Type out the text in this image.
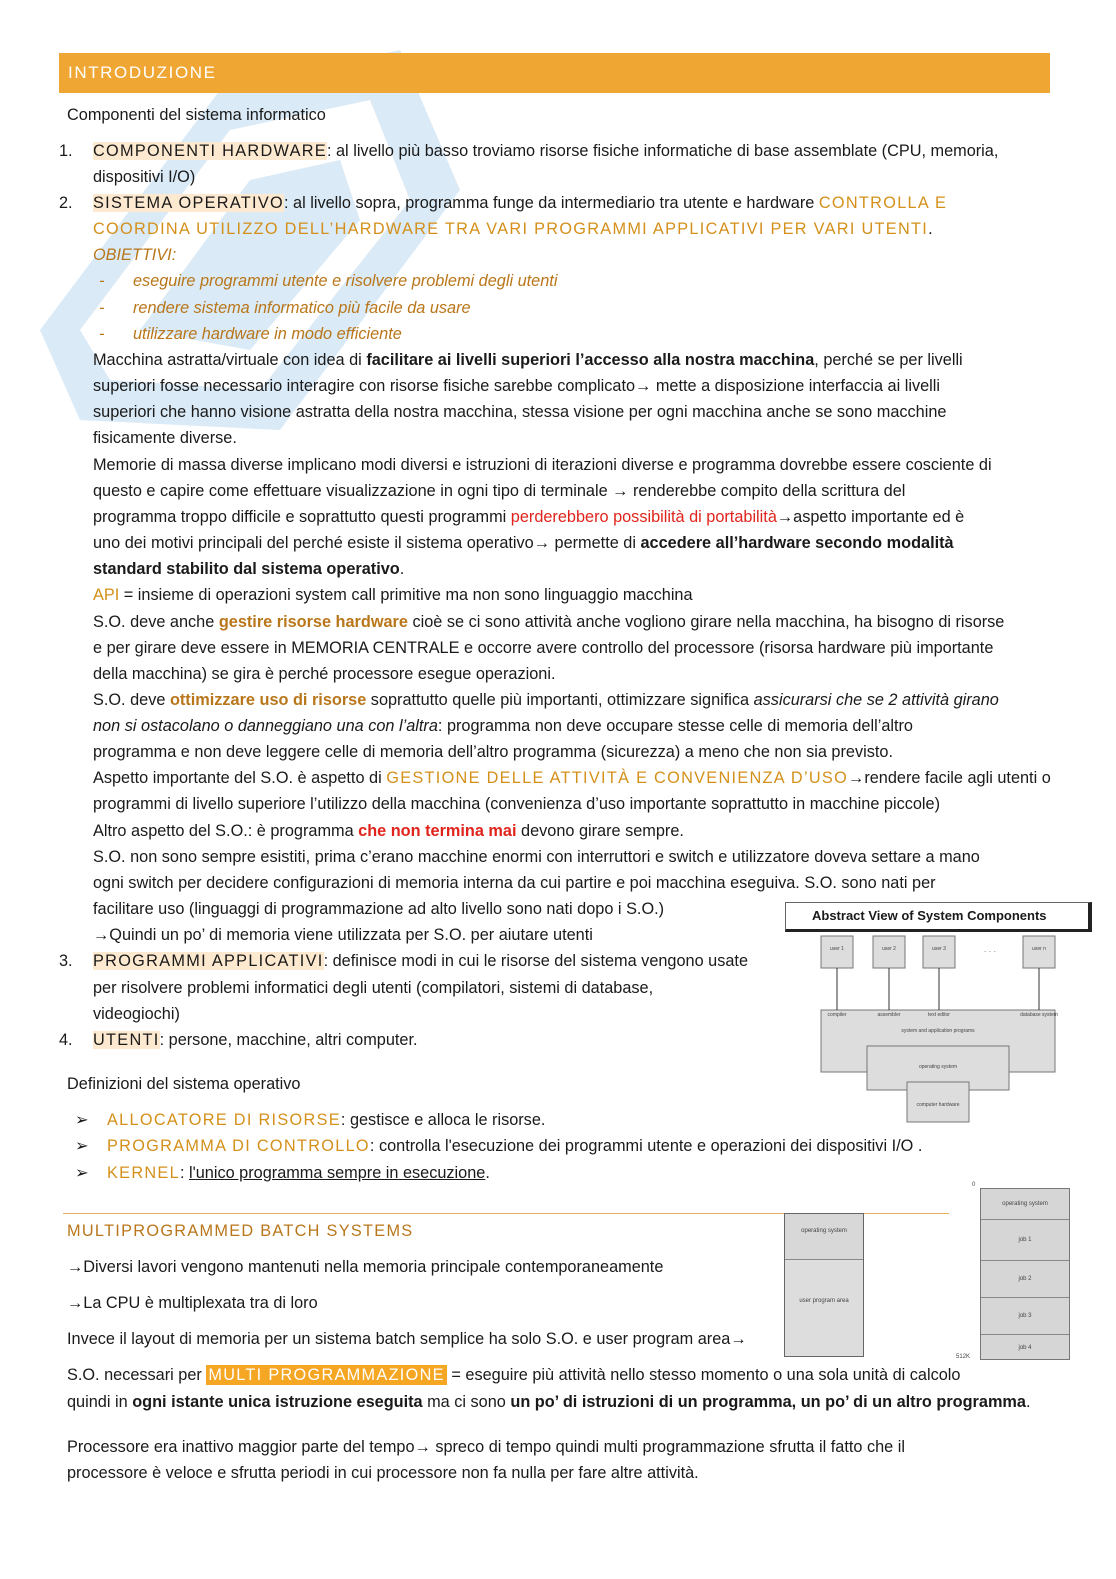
INTRODUZIONE
Componenti del sistema informatico
1. COMPONENTI HARDWARE: al livello più basso troviamo risorse fisiche informatiche di base assemblate (CPU, memoria,
dispositivi I/O)
2. SISTEMA OPERATIVO: al livello sopra, programma funge da intermediario tra utente e hardware CONTROLLA E
COORDINA UTILIZZO DELL’HARDWARE TRA VARI PROGRAMMI APPLICATIVI PER VARI UTENTI.
OBIETTIVI:
- eseguire programmi utente e risolvere problemi degli utenti
- rendere sistema informatico più facile da usare
- utilizzare hardware in modo efficiente
Macchina astratta/virtuale con idea di facilitare ai livelli superiori l’accesso alla nostra macchina, perché se per livelli
superiori fosse necessario interagire con risorse fisiche sarebbe complicato→ mette a disposizione interfaccia ai livelli
superiori che hanno visione astratta della nostra macchina, stessa visione per ogni macchina anche se sono macchine
fisicamente diverse.
Memorie di massa diverse implicano modi diversi e istruzioni di iterazioni diverse e programma dovrebbe essere cosciente di
questo e capire come effettuare visualizzazione in ogni tipo di terminale → renderebbe compito della scrittura del
programma troppo difficile e soprattutto questi programmi perderebbero possibilità di portabilità→aspetto importante ed è
uno dei motivi principali del perché esiste il sistema operativo→ permette di accedere all’hardware secondo modalità
standard stabilito dal sistema operativo.
API = insieme di operazioni system call primitive ma non sono linguaggio macchina
S.O. deve anche gestire risorse hardware cioè se ci sono attività anche vogliono girare nella macchina, ha bisogno di risorse
e per girare deve essere in MEMORIA CENTRALE e occorre avere controllo del processore (risorsa hardware più importante
della macchina) se gira è perché processore esegue operazioni.
S.O. deve ottimizzare uso di risorse soprattutto quelle più importanti, ottimizzare significa assicurarsi che se 2 attività girano
non si ostacolano o danneggiano una con l’altra: programma non deve occupare stesse celle di memoria dell’altro
programma e non deve leggere celle di memoria dell’altro programma (sicurezza) a meno che non sia previsto.
Aspetto importante del S.O. è aspetto di GESTIONE DELLE ATTIVITÀ E CONVENIENZA D’USO→rendere facile agli utenti o
programmi di livello superiore l’utilizzo della macchina (convenienza d’uso importante soprattutto in macchine piccole)
Altro aspetto del S.O.: è programma che non termina mai devono girare sempre.
S.O. non sono sempre esistiti, prima c’erano macchine enormi con interruttori e switch e utilizzatore doveva settare a mano
ogni switch per decidere configurazioni di memoria interna da cui partire e poi macchina eseguiva. S.O. sono nati per
facilitare uso (linguaggi di programmazione ad alto livello sono nati dopo i S.O.)
→Quindi un po’ di memoria viene utilizzata per S.O. per aiutare utenti
3. PROGRAMMI APPLICATIVI: definisce modi in cui le risorse del sistema vengono usate
per risolvere problemi informatici degli utenti (compilatori, sistemi di database,
videogiochi)
4. UTENTI: persone, macchine, altri computer.
Definizioni del sistema operativo
➢ ALLOCATORE DI RISORSE: gestisce e alloca le risorse.
➢ PROGRAMMA DI CONTROLLO: controlla l'esecuzione dei programmi utente e operazioni dei dispositivi I/O .
➢ KERNEL: l'unico programma sempre in esecuzione.
Abstract View of System Components
user 1	user 2	user 3	user n
· · ·
compiler	assembler	text editor	database system
system and application programs
operating system
computer hardware
MULTIPROGRAMMED BATCH SYSTEMS
→Diversi lavori vengono mantenuti nella memoria principale contemporaneamente
→La CPU è multiplexata tra di loro
Invece il layout di memoria per un sistema batch semplice ha solo S.O. e user program area→
S.O. necessari per MULTI PROGRAMMAZIONE = eseguire più attività nello stesso momento o una sola unità di calcolo
quindi in ogni istante unica istruzione eseguita ma ci sono un po’ di istruzioni di un programma, un po’ di un altro programma.
Processore era inattivo maggior parte del tempo→ spreco di tempo quindi multi programmazione sfrutta il fatto che il
processore è veloce e sfrutta periodi in cui processore non fa nulla per fare altre attività.
operating system
user program area
0
operating system
job 1
job 2
job 3
job 4
512K
